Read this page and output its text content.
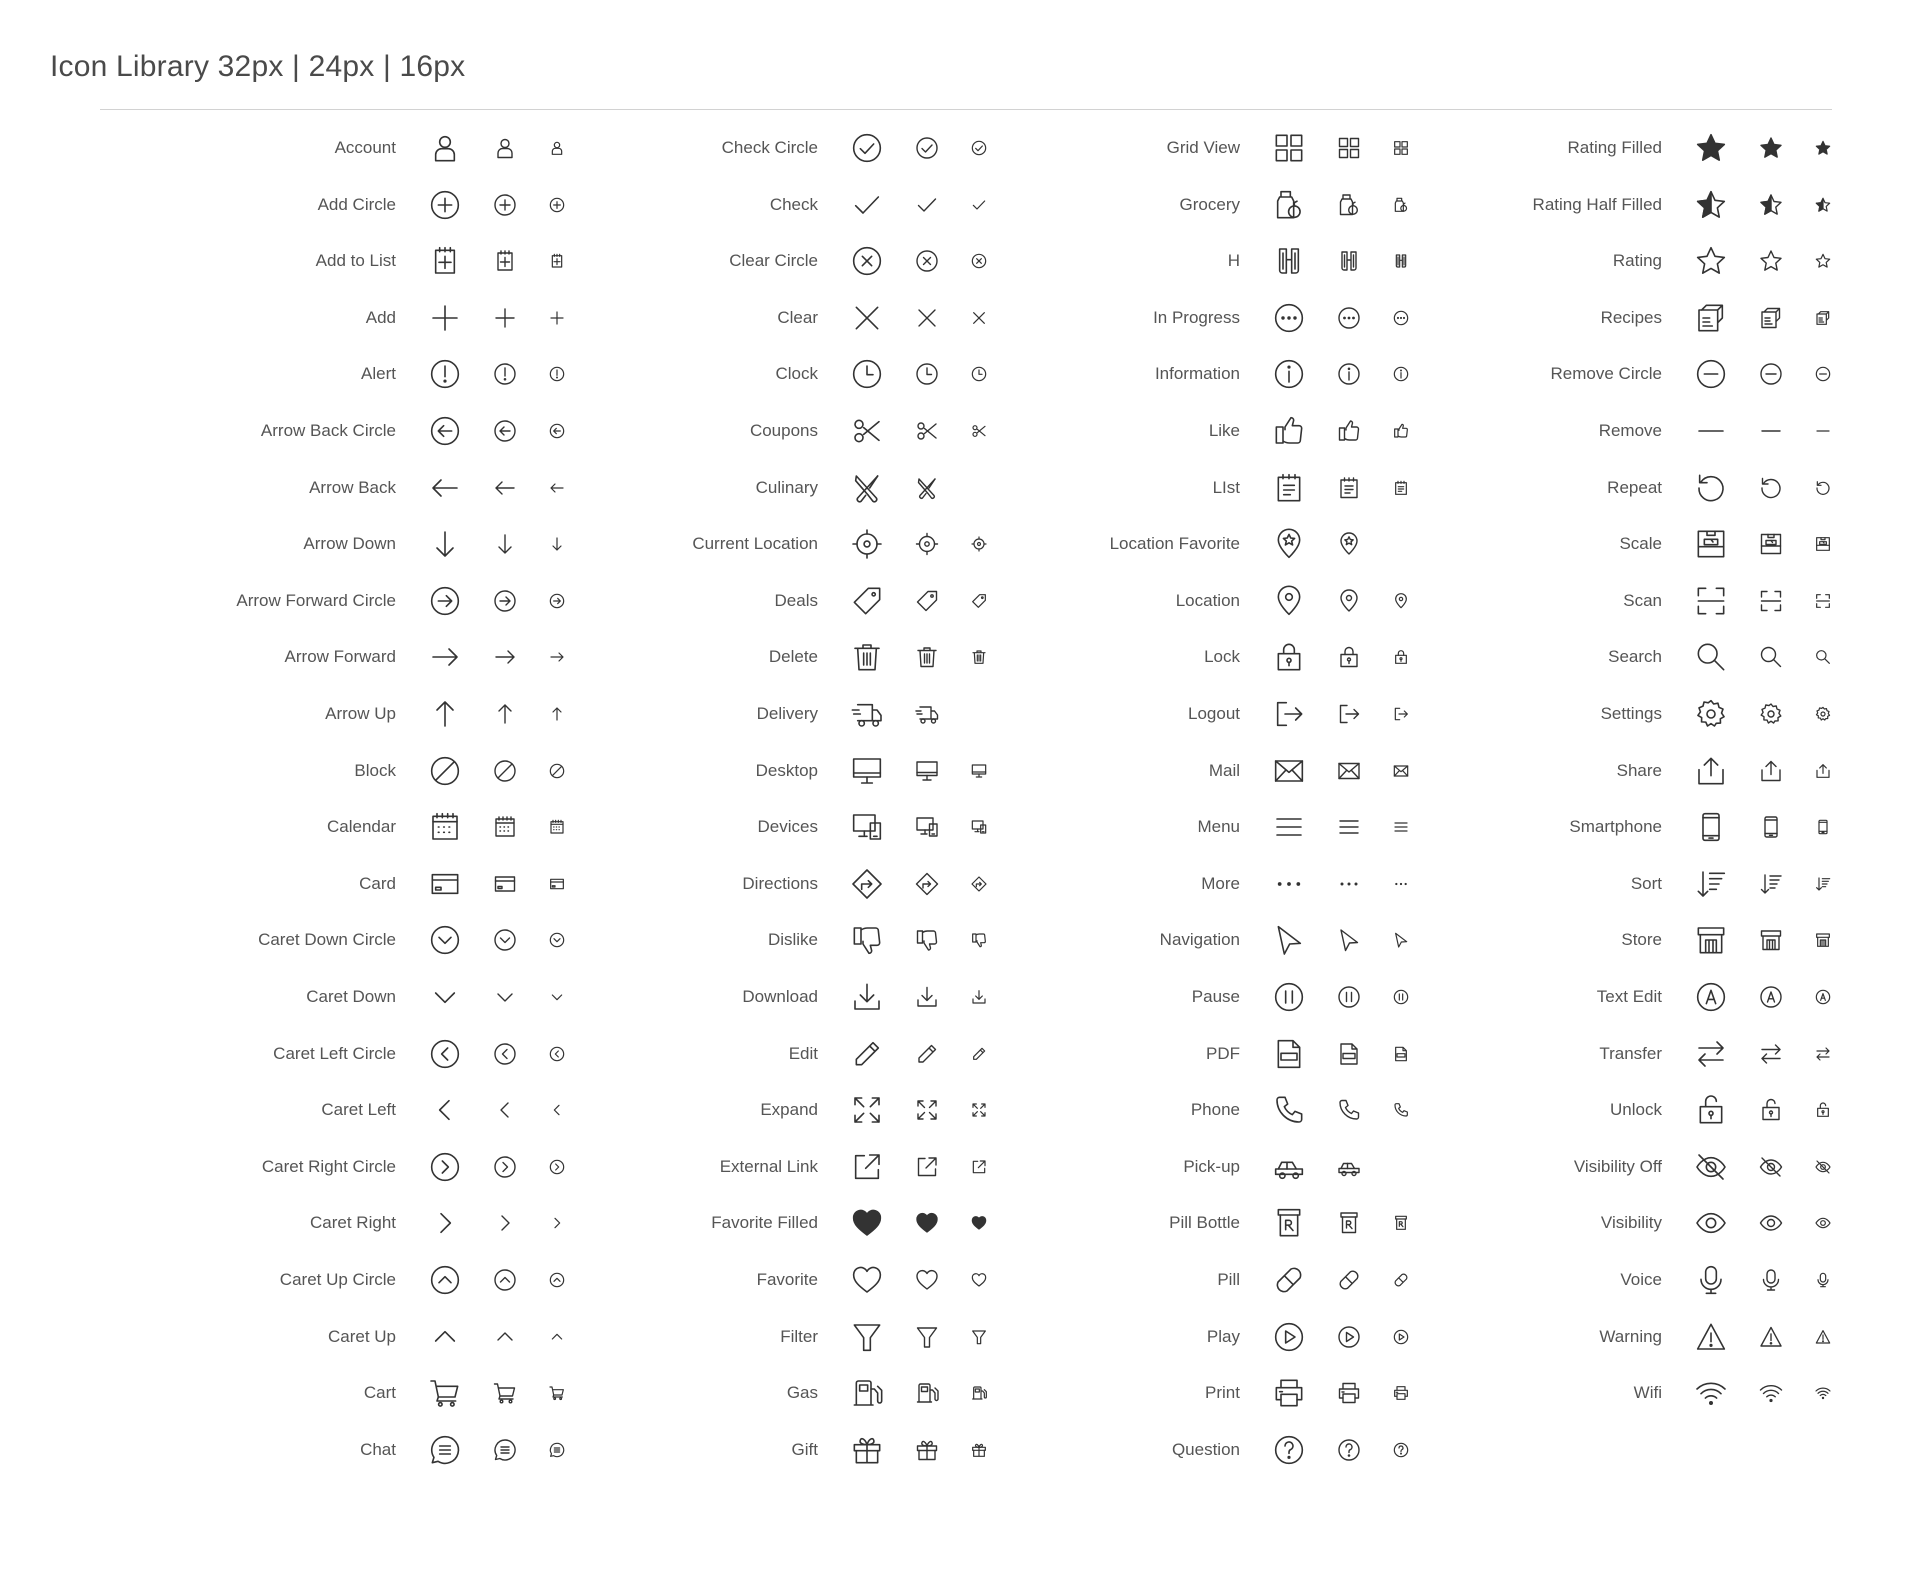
Icon Library 32px | 24px | 16px
Account
Add Circle
Add to List
Add
Alert
Arrow Back Circle
Arrow Back
Arrow Down
Arrow Forward Circle
Arrow Forward
Arrow Up
Block
Calendar
Card
Caret Down Circle
Caret Down
Caret Left Circle
Caret Left
Caret Right Circle
Caret Right
Caret Up Circle
Caret Up
Cart
Chat
Check Circle
Check
Clear Circle
Clear
Clock
Coupons
Culinary
Current Location
Deals
Delete
Delivery
Desktop
Devices
Directions
Dislike
Download
Edit
Expand
External Link
Favorite Filled
Favorite
Filter
Gas
Gift
Grid View
Grocery
H
In Progress
Information
Like
LIst
Location Favorite
Location
Lock
Logout
Mail
Menu
More
Navigation
Pause
PDF
Phone
Pick-up
Pill Bottle
Pill
Play
Print
Question
Rating Filled
Rating Half Filled
Rating
Recipes
Remove Circle
Remove
Repeat
Scale
Scan
Search
Settings
Share
Smartphone
Sort
Store
Text Edit
Transfer
Unlock
Visibility Off
Visibility
Voice
Warning
Wifi
